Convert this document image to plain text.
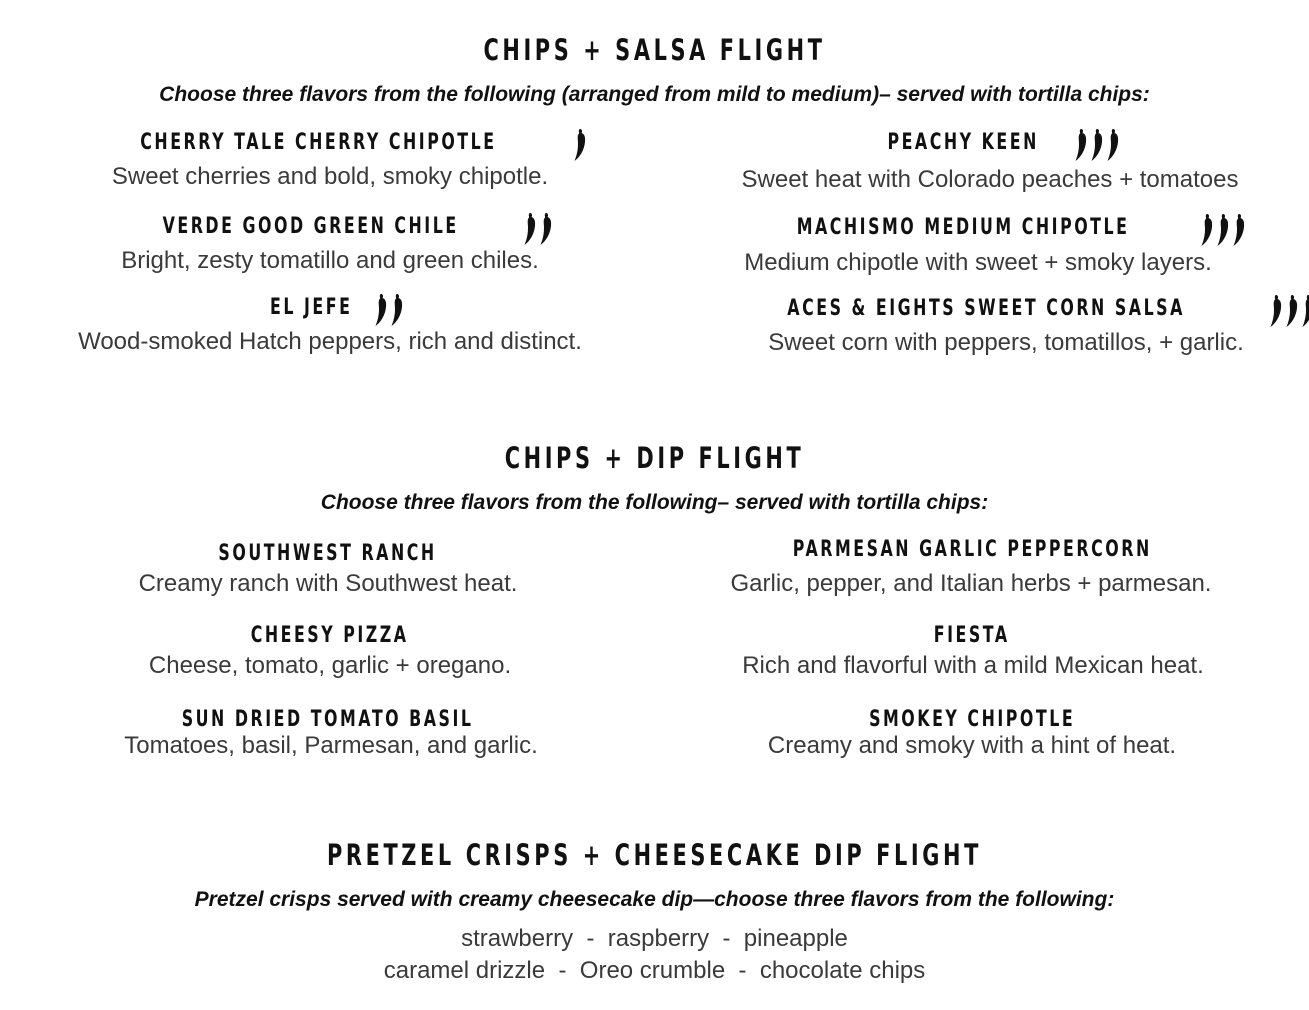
CHIPS + SALSA FLIGHT
Choose three flavors from the following (arranged from mild to medium)– served with tortilla chips:
CHERRY TALE CHERRY CHIPOTLE
Sweet cherries and bold, smoky chipotle.
VERDE GOOD GREEN CHILE
Bright, zesty tomatillo and green chiles.
EL JEFE
Wood-smoked Hatch peppers, rich and distinct.
PEACHY KEEN
Sweet heat with Colorado peaches + tomatoes
MACHISMO MEDIUM CHIPOTLE
Medium chipotle with sweet + smoky layers.
ACES & EIGHTS SWEET CORN SALSA
Sweet corn with peppers, tomatillos, + garlic.
CHIPS + DIP FLIGHT
Choose three flavors from the following– served with tortilla chips:
SOUTHWEST RANCH
Creamy ranch with Southwest heat.
CHEESY PIZZA
Cheese, tomato, garlic + oregano.
SUN DRIED TOMATO BASIL
Tomatoes, basil, Parmesan, and garlic.
PARMESAN GARLIC PEPPERCORN
Garlic, pepper, and Italian herbs + parmesan.
FIESTA
Rich and flavorful with a mild Mexican heat.
SMOKEY CHIPOTLE
Creamy and smoky with a hint of heat.
PRETZEL CRISPS + CHEESECAKE DIP FLIGHT
Pretzel crisps served with creamy cheesecake dip—choose three flavors from the following:
strawberry  -  raspberry  -  pineapple
caramel drizzle  -  Oreo crumble  -  chocolate chips
